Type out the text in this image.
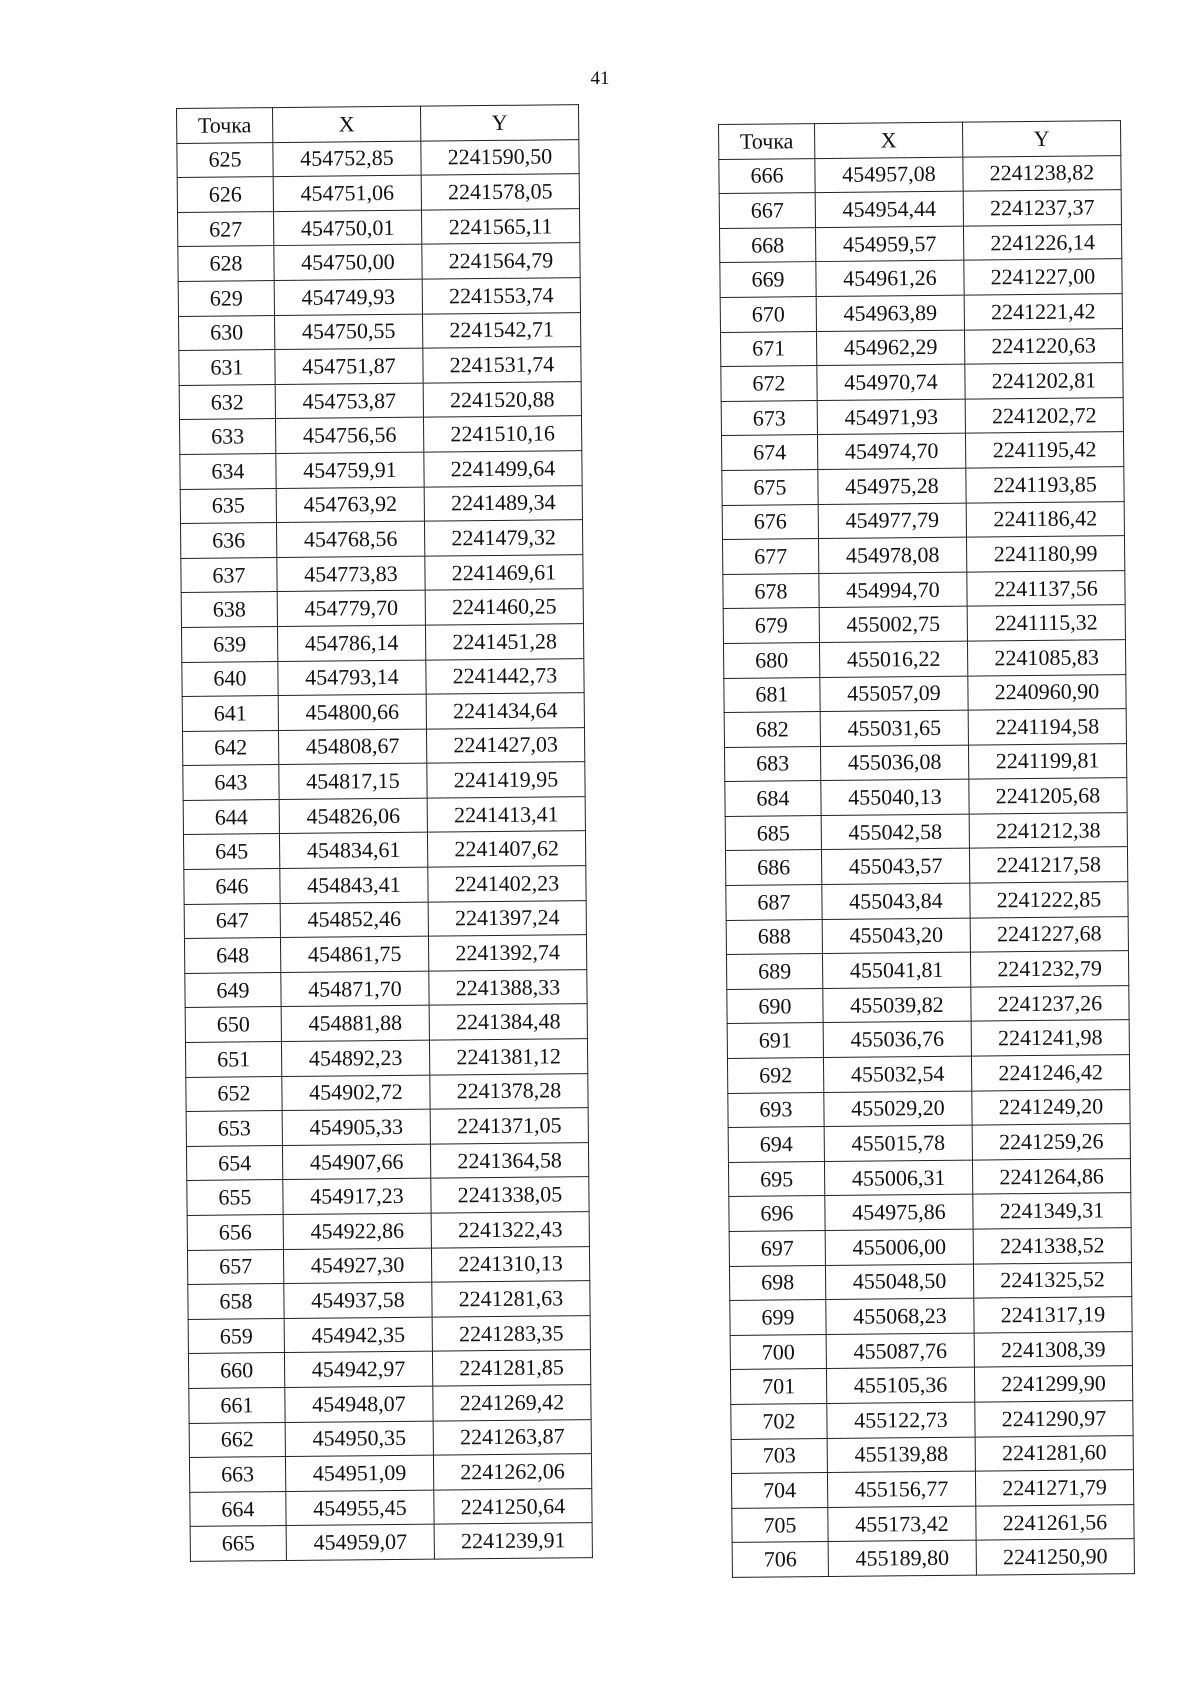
41
Точка	X	Y
625	454752,85	2241590,50
626	454751,06	2241578,05
627	454750,01	2241565,11
628	454750,00	2241564,79
629	454749,93	2241553,74
630	454750,55	2241542,71
631	454751,87	2241531,74
632	454753,87	2241520,88
633	454756,56	2241510,16
634	454759,91	2241499,64
635	454763,92	2241489,34
636	454768,56	2241479,32
637	454773,83	2241469,61
638	454779,70	2241460,25
639	454786,14	2241451,28
640	454793,14	2241442,73
641	454800,66	2241434,64
642	454808,67	2241427,03
643	454817,15	2241419,95
644	454826,06	2241413,41
645	454834,61	2241407,62
646	454843,41	2241402,23
647	454852,46	2241397,24
648	454861,75	2241392,74
649	454871,70	2241388,33
650	454881,88	2241384,48
651	454892,23	2241381,12
652	454902,72	2241378,28
653	454905,33	2241371,05
654	454907,66	2241364,58
655	454917,23	2241338,05
656	454922,86	2241322,43
657	454927,30	2241310,13
658	454937,58	2241281,63
659	454942,35	2241283,35
660	454942,97	2241281,85
661	454948,07	2241269,42
662	454950,35	2241263,87
663	454951,09	2241262,06
664	454955,45	2241250,64
665	454959,07	2241239,91
Точка	X	Y
666	454957,08	2241238,82
667	454954,44	2241237,37
668	454959,57	2241226,14
669	454961,26	2241227,00
670	454963,89	2241221,42
671	454962,29	2241220,63
672	454970,74	2241202,81
673	454971,93	2241202,72
674	454974,70	2241195,42
675	454975,28	2241193,85
676	454977,79	2241186,42
677	454978,08	2241180,99
678	454994,70	2241137,56
679	455002,75	2241115,32
680	455016,22	2241085,83
681	455057,09	2240960,90
682	455031,65	2241194,58
683	455036,08	2241199,81
684	455040,13	2241205,68
685	455042,58	2241212,38
686	455043,57	2241217,58
687	455043,84	2241222,85
688	455043,20	2241227,68
689	455041,81	2241232,79
690	455039,82	2241237,26
691	455036,76	2241241,98
692	455032,54	2241246,42
693	455029,20	2241249,20
694	455015,78	2241259,26
695	455006,31	2241264,86
696	454975,86	2241349,31
697	455006,00	2241338,52
698	455048,50	2241325,52
699	455068,23	2241317,19
700	455087,76	2241308,39
701	455105,36	2241299,90
702	455122,73	2241290,97
703	455139,88	2241281,60
704	455156,77	2241271,79
705	455173,42	2241261,56
706	455189,80	2241250,90
